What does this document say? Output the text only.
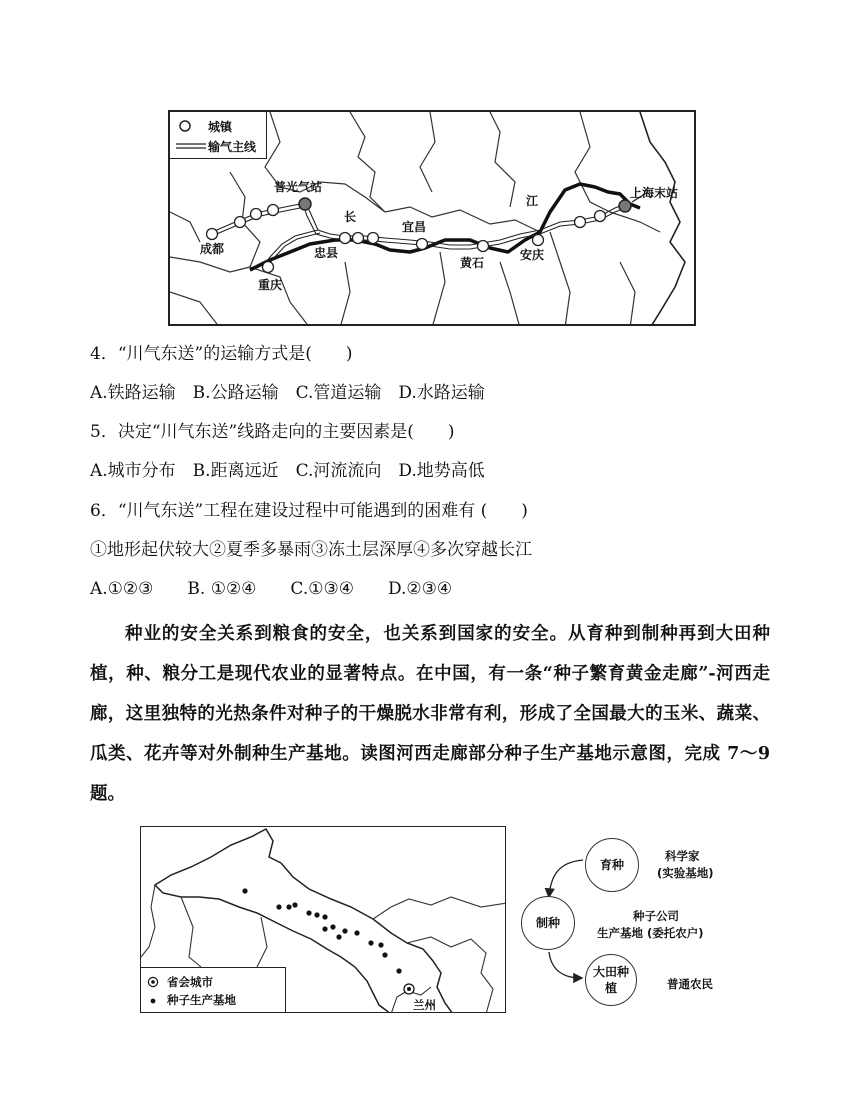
城镇
输气主线
普光气站
成都
重庆
忠县
长
宜昌
黄石
安庆
江
上海末站
4．“川气东送”的运输方式是(　　)
A.铁路运输　B.公路运输　C.管道运输　D.水路运输
5．决定“川气东送”线路走向的主要因素是(　　)
A.城市分布　B.距离远近　C.河流流向　D.地势高低
6．“川气东送”工程在建设过程中可能遇到的困难有 (　　)
①地形起伏较大②夏季多暴雨③冻土层深厚④多次穿越长江
A.①②③　　B. ①②④　　C.①③④　　D.②③④
种业的安全关系到粮食的安全，也关系到国家的安全。从育种到制种再到大田种植，种、粮分工是现代农业的显著特点。在中国，有一条“种子繁育黄金走廊”-河西走廊，这里独特的光热条件对种子的干燥脱水非常有利，形成了全国最大的玉米、蔬菜、瓜类、花卉等对外制种生产基地。读图河西走廊部分种子生产基地示意图，完成 7～9 题。
省会城市
种子生产基地	兰州
育种
制种
大田种植
科学家
(实验基地)
种子公司
生产基地 (委托农户)
普通农民
